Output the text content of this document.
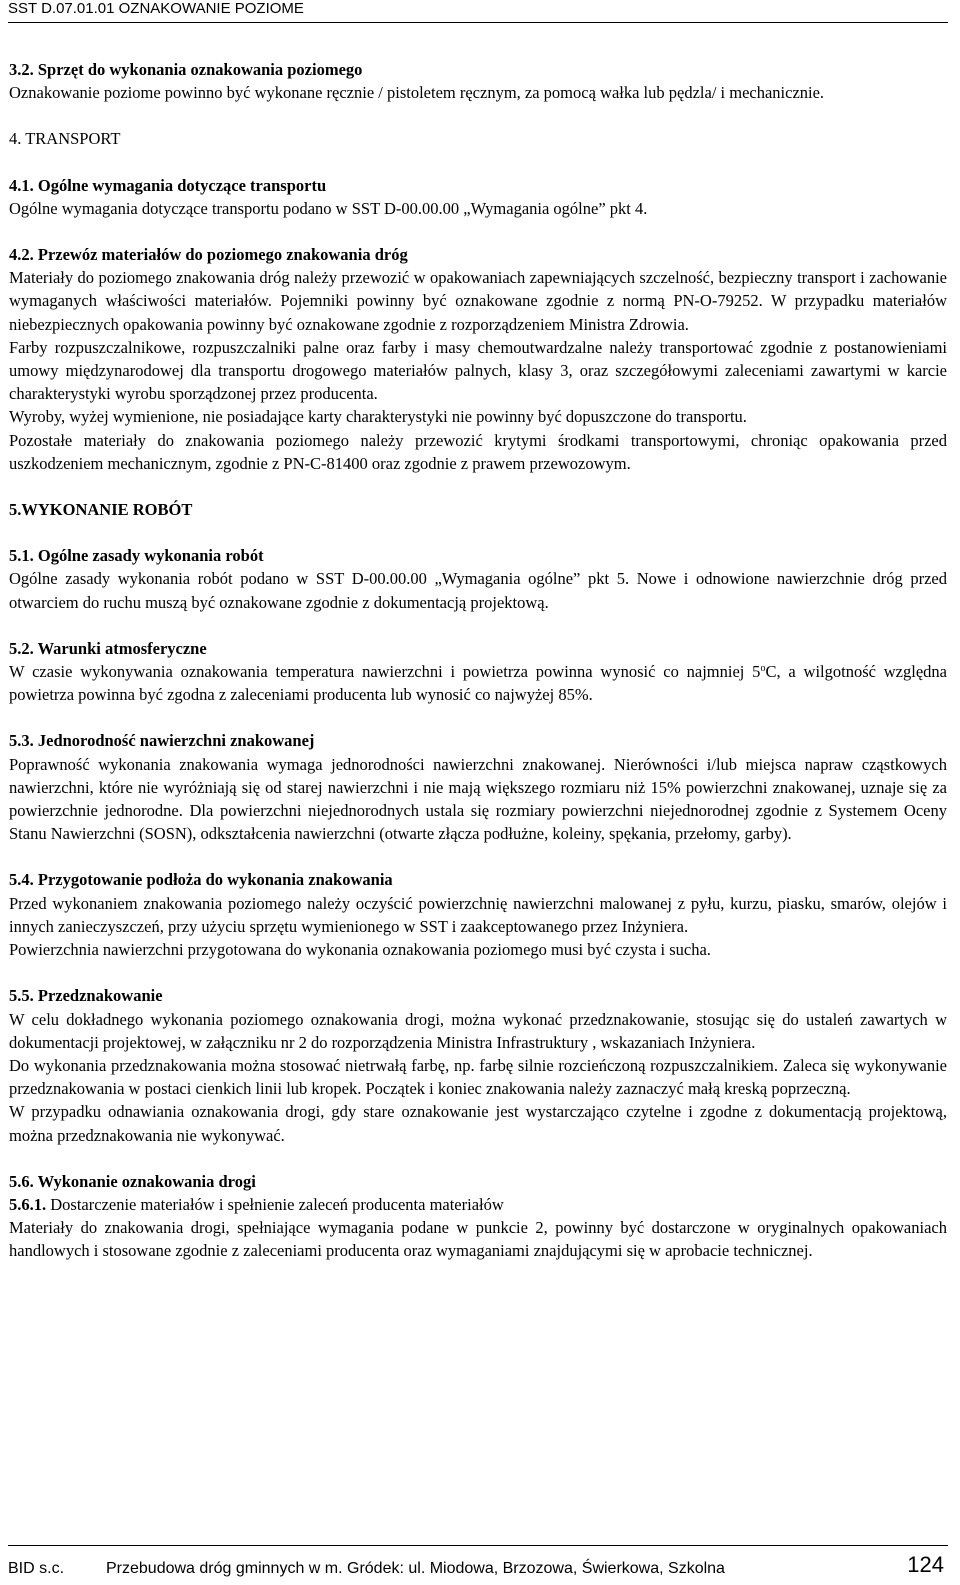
SST D.07.01.01 OZNAKOWANIE POZIOME

3.2. Sprzęt do wykonania oznakowania poziomego

Oznakowanie poziome powinno być wykonane ręcznie / pistoletem ręcznym, za pomocą wałka lub pędzla/ i mechanicznie.

4. TRANSPORT

4.1. Ogólne wymagania dotyczące transportu

Ogólne wymagania dotyczące transportu podano w SST D-00.00.00 „Wymagania ogólne” pkt 4.

4.2. Przewóz materiałów do poziomego znakowania dróg

Materiały do poziomego znakowania dróg należy przewozić w opakowaniach zapewniających szczelność, bezpieczny transport i zachowanie wymaganych właściwości materiałów. Pojemniki powinny być oznakowane zgodnie z normą PN-O-79252. W przypadku materiałów niebezpiecznych opakowania powinny być oznakowane zgodnie z rozporządzeniem Ministra Zdrowia.

Farby rozpuszczalnikowe, rozpuszczalniki palne oraz farby i masy chemoutwardzalne należy transportować zgodnie z postanowieniami umowy międzynarodowej dla transportu drogowego materiałów palnych, klasy 3, oraz szczegółowymi zaleceniami zawartymi w karcie charakterystyki wyrobu sporządzonej przez producenta.

Wyroby, wyżej wymienione, nie posiadające karty charakterystyki nie powinny być dopuszczone do transportu.

Pozostałe materiały do znakowania poziomego należy przewozić krytymi środkami transportowymi, chroniąc opakowania przed uszkodzeniem mechanicznym, zgodnie z PN-C-81400 oraz zgodnie z prawem przewozowym.

5.WYKONANIE ROBÓT

5.1. Ogólne zasady wykonania robót

Ogólne zasady wykonania robót podano w SST D-00.00.00 „Wymagania ogólne” pkt 5. Nowe i odnowione nawierzchnie dróg przed otwarciem do ruchu muszą być oznakowane zgodnie z dokumentacją projektową.

5.2. Warunki atmosferyczne

W czasie wykonywania oznakowania temperatura nawierzchni i powietrza powinna wynosić co najmniej 5$^o$C, a wilgotność względna powietrza powinna być zgodna z zaleceniami producenta lub wynosić co najwyżej 85%.

5.3. Jednorodność nawierzchni znakowanej

Poprawność wykonania znakowania wymaga jednorodności nawierzchni znakowanej. Nierówności i/lub miejsca napraw cząstkowych nawierzchni, które nie wyróżniają się od starej nawierzchni i nie mają większego rozmiaru niż 15% powierzchni znakowanej, uznaje się za powierzchnie jednorodne. Dla powierzchni niejednorodnych ustala się rozmiary powierzchni niejednorodnej zgodnie z Systemem Oceny Stanu Nawierzchni (SOSN), odkształcenia nawierzchni (otwarte złącza podłużne, koleiny, spękania, przełomy, garby).

5.4. Przygotowanie podłoża do wykonania znakowania

Przed wykonaniem znakowania poziomego należy oczyścić powierzchnię nawierzchni malowanej z pyłu, kurzu, piasku, smarów, olejów i innych zanieczyszczeń, przy użyciu sprzętu wymienionego w SST i zaakceptowanego przez Inżyniera.

Powierzchnia nawierzchni przygotowana do wykonania oznakowania poziomego musi być czysta i sucha.

5.5. Przedznakowanie

W celu dokładnego wykonania poziomego oznakowania drogi, można wykonać przedznakowanie, stosując się do ustaleń zawartych w dokumentacji projektowej, w załączniku nr 2 do rozporządzenia Ministra Infrastruktury , wskazaniach Inżyniera.

Do wykonania przedznakowania można stosować nietrwałą farbę, np. farbę silnie rozcieńczoną rozpuszczalnikiem. Zaleca się wykonywanie przedznakowania w postaci cienkich linii lub kropek. Początek i koniec znakowania należy zaznaczyć małą kreską poprzeczną.

W przypadku odnawiania oznakowania drogi, gdy stare oznakowanie jest wystarczająco czytelne i zgodne z dokumentacją projektową, można przedznakowania nie wykonywać.

5.6. Wykonanie oznakowania drogi

5.6.1. Dostarczenie materiałów i spełnienie zaleceń producenta materiałów

Materiały do znakowania drogi, spełniające wymagania podane w punkcie 2, powinny być dostarczone w oryginalnych opakowaniach handlowych i stosowane zgodnie z zaleceniami producenta oraz wymaganiami znajdującymi się w aprobacie technicznej.

BID s.c.	Przebudowa dróg gminnych w m. Gródek: ul. Miodowa, Brzozowa, Świerkowa, Szkolna	124
